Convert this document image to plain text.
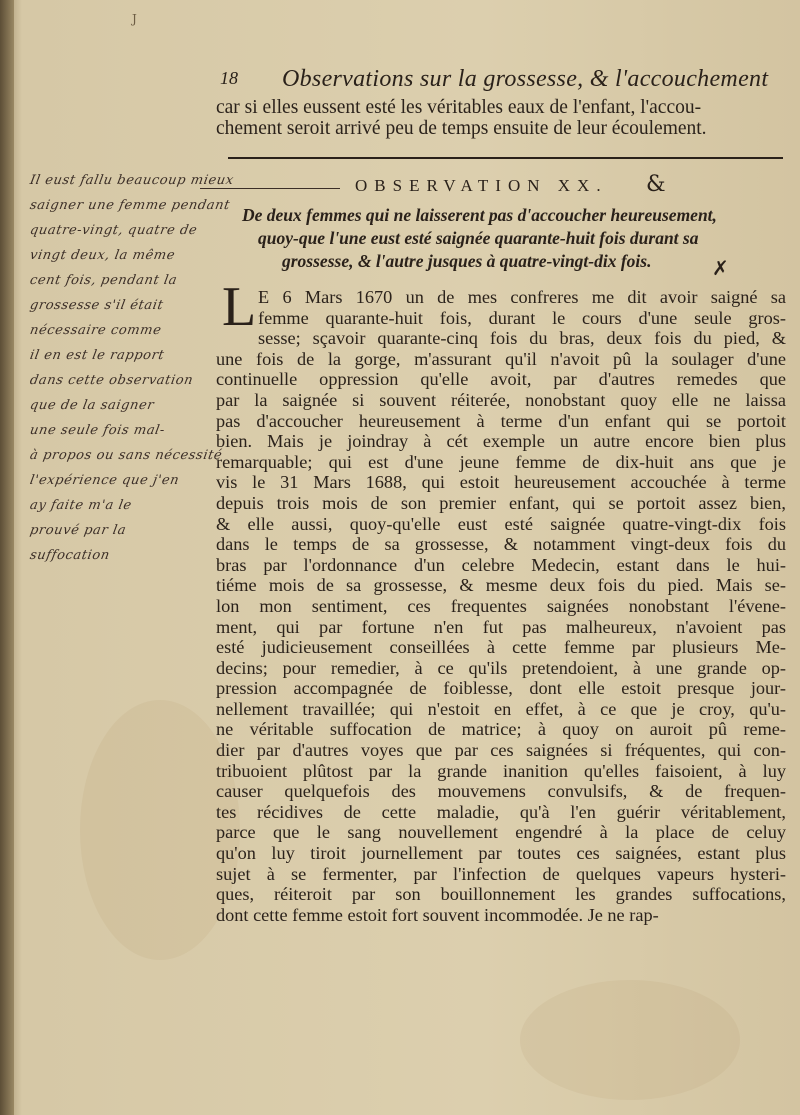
J
18 Observations sur la grossesse, & l'accouchement
car si elles eussent esté les véritables eaux de l'enfant, l'accou-
chement seroit arrivé peu de temps ensuite de leur écoulement.
OBSERVATION XX. &
De deux femmes qui ne laisserent pas d'accoucher heureusement,
quoy-que l'une eust esté saignée quarante-huit fois durant sa
grossesse, & l'autre jusques à quatre-vingt-dix fois.	✗
L E 6 Mars 1670 un de mes confreres me dit avoir saigné sa
femme quarante-huit fois, durant le cours d'une seule gros-
sesse; sçavoir quarante-cinq fois du bras, deux fois du pied, &
une fois de la gorge, m'assurant qu'il n'avoit pû la soulager d'une
continuelle oppression qu'elle avoit, par d'autres remedes que
par la saignée si souvent réiterée, nonobstant quoy elle ne laissa
pas d'accoucher heureusement à terme d'un enfant qui se portoit
bien. Mais je joindray à cét exemple un autre encore bien plus
remarquable; qui est d'une jeune femme de dix-huit ans que je
vis le 31 Mars 1688, qui estoit heureusement accouchée à terme
depuis trois mois de son premier enfant, qui se portoit assez bien,
& elle aussi, quoy-qu'elle eust esté saignée quatre-vingt-dix fois
dans le temps de sa grossesse, & notamment vingt-deux fois du
bras par l'ordonnance d'un celebre Medecin, estant dans le hui-
tiéme mois de sa grossesse, & mesme deux fois du pied. Mais se-
lon mon sentiment, ces frequentes saignées nonobstant l'évene-
ment, qui par fortune n'en fut pas malheureux, n'avoient pas
esté judicieusement conseillées à cette femme par plusieurs Me-
decins; pour remedier, à ce qu'ils pretendoient, à une grande op-
pression accompagnée de foiblesse, dont elle estoit presque jour-
nellement travaillée; qui n'estoit en effet, à ce que je croy, qu'u-
ne véritable suffocation de matrice; à quoy on auroit pû reme-
dier par d'autres voyes que par ces saignées si fréquentes, qui con-
tribuoient plûtost par la grande inanition qu'elles faisoient, à luy
causer quelquefois des mouvemens convulsifs, & de frequen-
tes récidives de cette maladie, qu'à l'en guérir véritablement,
parce que le sang nouvellement engendré à la place de celuy
qu'on luy tiroit journellement par toutes ces saignées, estant plus
sujet à se fermenter, par l'infection de quelques vapeurs hysteri-
ques, réiteroit par son bouillonnement les grandes suffocations,
dont cette femme estoit fort souvent incommodée. Je ne rap-
Il eust fallu beaucoup mieux
saigner une femme pendant
quatre-vingt, quatre de
vingt deux, la même
cent fois, pendant la
grossesse s'il était
nécessaire comme
il en est le rapport
dans cette observation
que de la saigner
une seule fois mal-
à propos ou sans nécessité
l'expérience que j'en
ay faite m'a le
prouvé par la
suffocation
